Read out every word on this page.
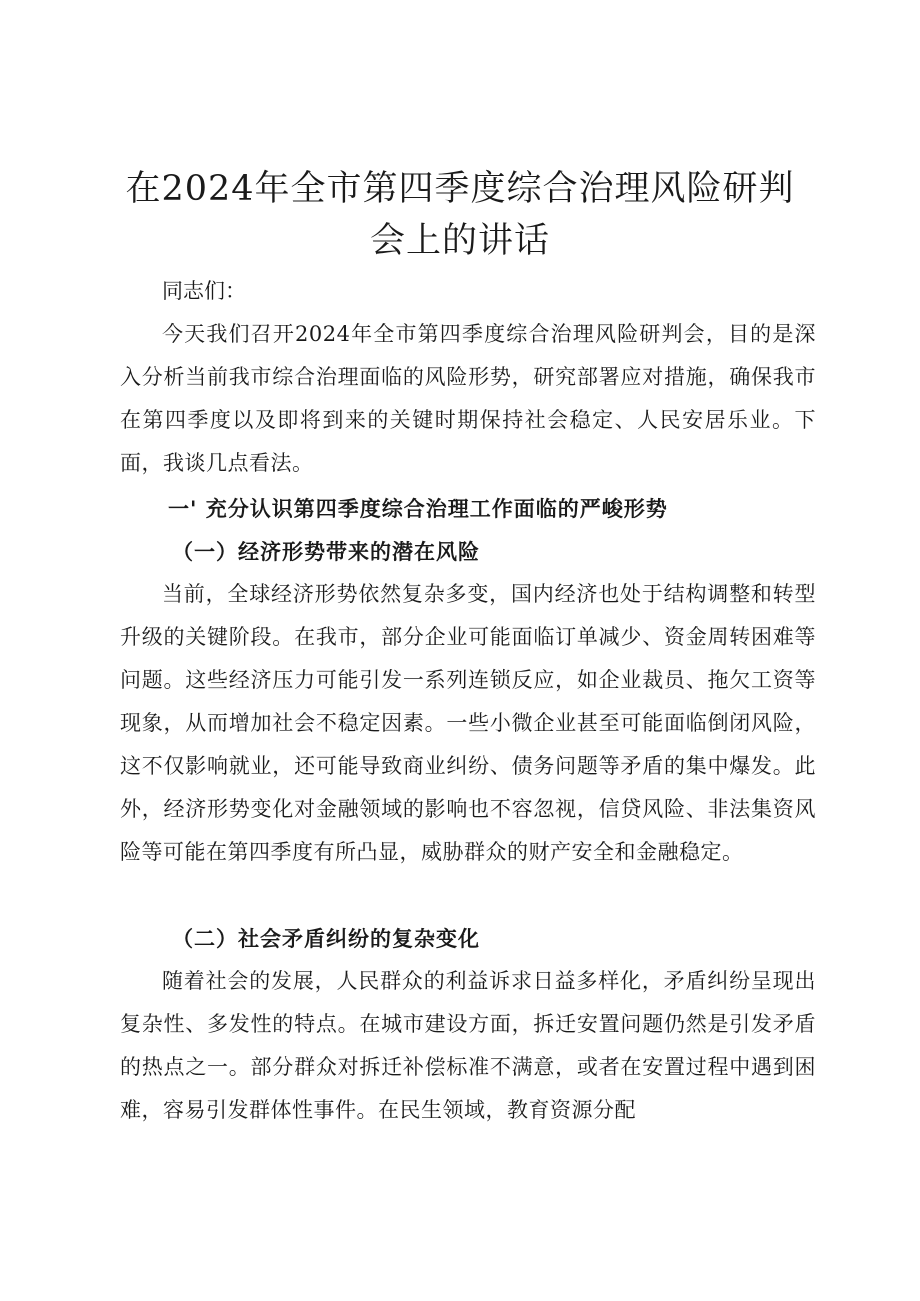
在2024年全市第四季度综合治理风险研判会上的讲话

同志们：

今天我们召开2024年全市第四季度综合治理风险研判会，目的是深入分析当前我市综合治理面临的风险形势，研究部署应对措施，确保我市在第四季度以及即将到来的关键时期保持社会稳定、人民安居乐业。下面，我谈几点看法。

一' 充分认识第四季度综合治理工作面临的严峻形势

（一）经济形势带来的潜在风险

当前，全球经济形势依然复杂多变，国内经济也处于结构调整和转型升级的关键阶段。在我市，部分企业可能面临订单减少、资金周转困难等问题。这些经济压力可能引发一系列连锁反应，如企业裁员、拖欠工资等现象，从而增加社会不稳定因素。一些小微企业甚至可能面临倒闭风险，这不仅影响就业，还可能导致商业纠纷、债务问题等矛盾的集中爆发。此外，经济形势变化对金融领域的影响也不容忽视，信贷风险、非法集资风险等可能在第四季度有所凸显，威胁群众的财产安全和金融稳定。

（二）社会矛盾纠纷的复杂变化

随着社会的发展，人民群众的利益诉求日益多样化，矛盾纠纷呈现出复杂性、多发性的特点。在城市建设方面，拆迁安置问题仍然是引发矛盾的热点之一。部分群众对拆迁补偿标准不满意，或者在安置过程中遇到困难，容易引发群体性事件。在民生领域，教育资源分配
